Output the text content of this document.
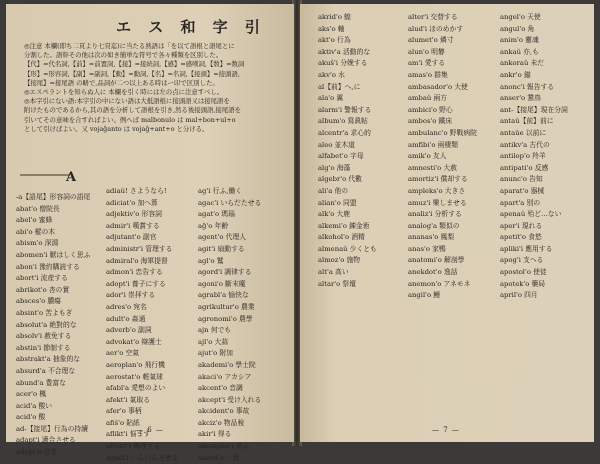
エ ス 和 字 引

◎注意 本欄(即ち二頁より七頁迄)に当たる熟語は「を以て語根と語尾とに

分割した。語幹その他は次の如き簡単な符号で各々種類を区別した。

【代】=代名詞,【前】=前置詞,【接】=接続詞,【感】=感嘆詞,【数】=数詞

【形】=形容詞,【副】=副詞,【動】=動詞,【名】=名詞,【接頭】=接頭語,

【接尾】=接尾語 の略で,品詞が二つ以上ある時はー印で区別した。

◎エスペラントを知らぬ人に 本欄を引く時には左の点に注意すべし。

◎本字引にない語:本字引の中にない語は大抵語根に接頭語又は接尾語を

附けたものであるから,其の語を分析して語根を引き,然る後接頭語,接尾語を

引いてその意味を合すればよい。例へば malbonulo は mal+bon+ul+o

として引けばよい。又 vojaĝanto は vojaĝ+ant+o と分ける。

A
-a【語尾】形容詞の語尾
abat'o 僧院長
abel'o 蜜蜂
abi'o 樅の木
abism'o 深淵
abomen'i 厭はしく思ふ
abon'i 豫約購読する
abort'i 流産する
abrikot'o 杏の實
absces'o 膿瘍
absint'o 苦よもぎ
absolut'a 絶對的な
absolv'i 赦免する
abstin'i 節制する
abstrakt'a 抽象的な
absurd'a 不合理な
abund'a 豊富な
acer'o 楓
acid'a 酸い
acid'o 酸
ad-【接尾】行為の持續
adapt'i 適合させる
adept'o 信者
adiaŭ! さようなら!
adiciat'o 加へ算
adjektiv'o 形容詞
admir'i 嘆賞する
adjutant'o 副官
administr'i 管理する
admiral'o 海軍提督
admon'i 忠告する
adopt'i 養子にする
ador'i 崇拝する
adres'o 宛名
adult'o 姦通
adverb'o 副詞
advokat'o 辯護士
aer'o 空氣
aeroplan'o 飛行機
aerostat'o 輕氣球
afabl'a 愛想のよい
afekt'i 氣取る
afer'o 事柄
afiŝ'o 貼紙
aflikt'i 悩ます
afront'i 侮辱する
agaci'i いらいらさせる
ag'i 行ふ,働く
agac'i いらだたせる
agat'o 瑪瑙
aĝ'o 年齢
agent'o 代理人
agit'i 扇動する
agl'o 鷲
agord'i 調律する
agoni'o 斷末魔
agrabl'a 愉快な
agrikultur'o 農業
agronomi'o 農學
ajn 何でも
ajl'o 大蒜
ajut'o 附加
akademi'o 學士院
akaci'o アカシア
akcent'o 音調
akcept'i 受け入れる
akcident'o 事故
akciz'o 物品稅
akir'i 得る
akompan'i 伴ふ
akord'o 一致
— 6 —
akrid'o 蝗
aks'o 軸
akt'o 行為
aktiv'a 活動的な
akuŝ'i 分娩する
akv'o 水
al【前】へ,に
ala'o 翼
alarm'i 警報する
album'o 寫眞帖
alcentr'a 求心的
aleo 並木道
alfabet'o 字母
alg'o 海藻
algebr'o 代數
ali'a 他の
alian'o 同盟
alk'o 大鹿
alkemi'o 錬金術
alkohol'o 酒精
almenaŭ 少くとも
almoz'o 施物
alt'a 高い
altar'o 祭壇
alter'i 交替する
alud'i ほのめかす
alumet'o 燐寸
alun'o 明礬
am'i 愛する
amas'o 群集
ambasador'o 大使
ambaŭ 兩方
ambici'o 野心
ambos'o 鐵床
ambulanc'o 野戰病院
amfibi'o 兩棲類
amik'o 友人
amnesti'o 大赦
amortiz'i 償却する
ampleks'o 大きさ
amuz'i 樂しませる
analiz'i 分析する
analog'a 類似の
ananas'o 鳳梨
anas'o 家鴨
anatomi'o 解剖學
anekdot'o 逸話
anemon'o アネモネ
angil'o 鰻
angel'o 天使
angul'o 角
anim'o 靈魂
ankaŭ 亦,も
ankoraŭ 未だ
ankr'o 錨
anonc'i 報告する
anser'o 鵞鳥
ant-【接尾】現在分詞
antaŭ【前】前に
antaŭe 以前に
antikv'a 古代の
antilop'o 羚羊
antipati'o 反感
anunc'o 告知
aparat'o 器械
apart'a 別の
apenaŭ 殆ど…ない
aper'i 現れる
apetit'o 食慾
apliki'i 應用する
apog'i 支へる
apostol'o 使徒
apotek'o 藥局
april'o 四月
— 7 —
